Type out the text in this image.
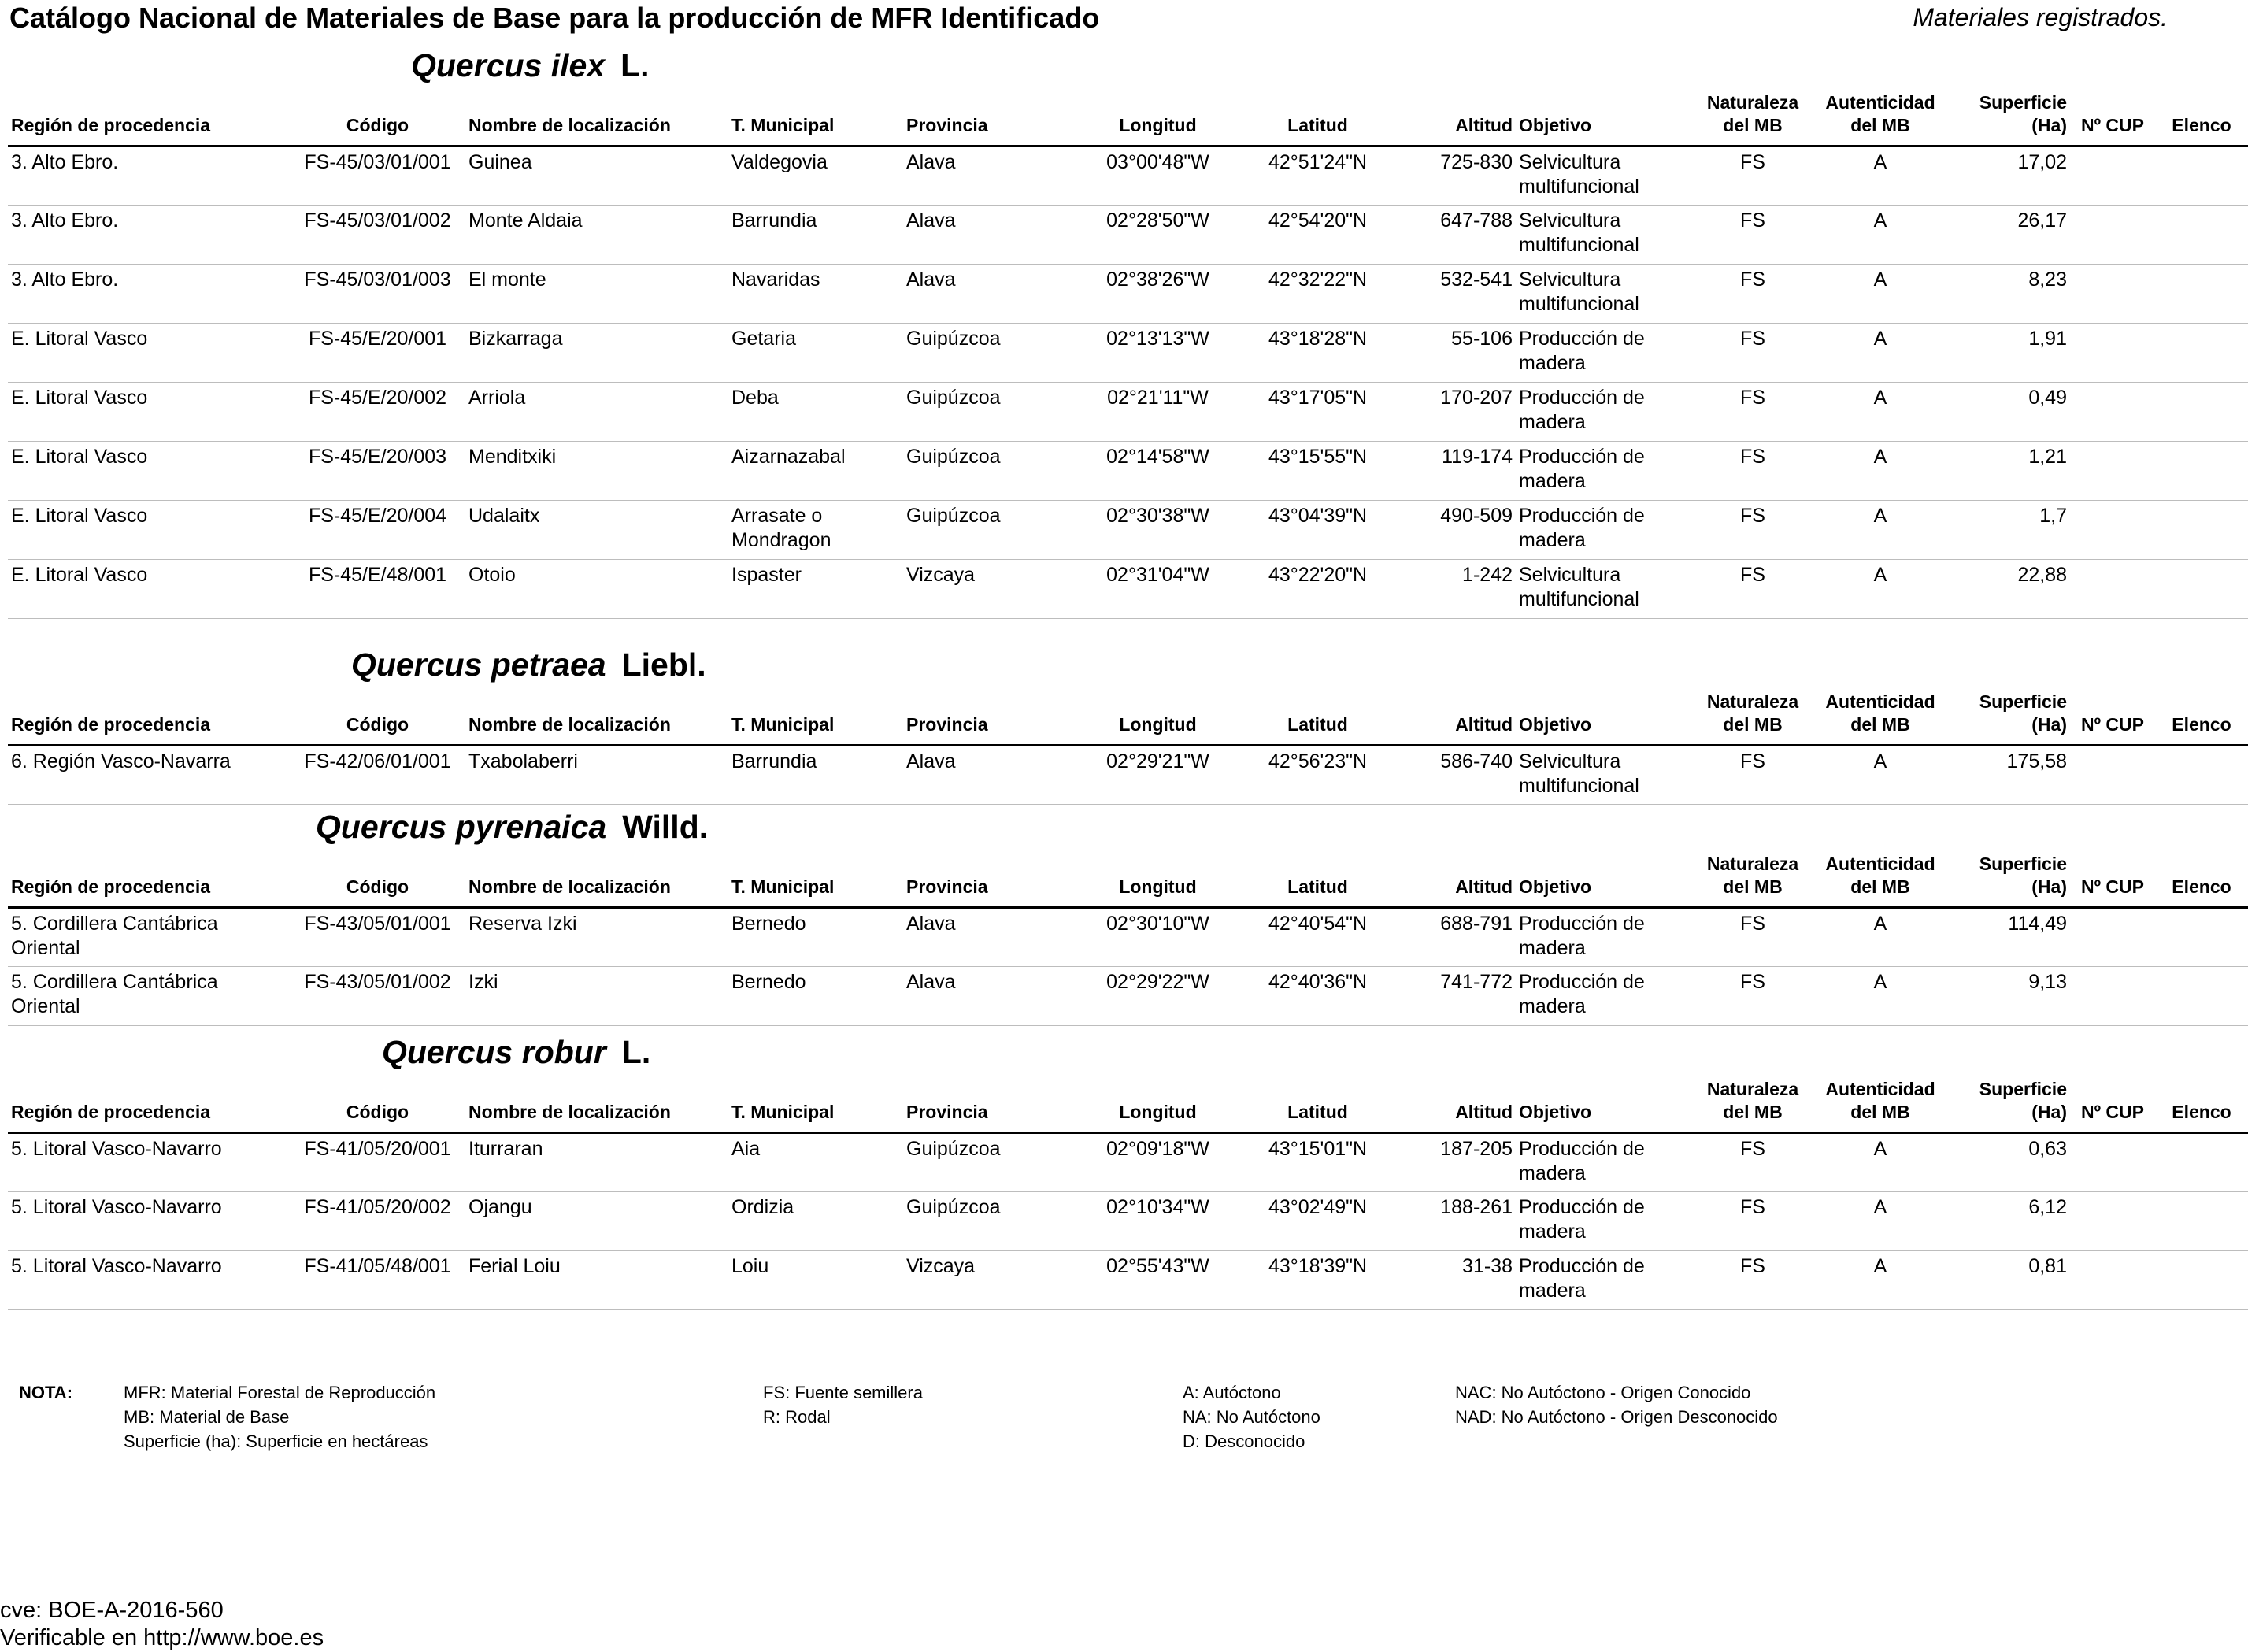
Catálogo Nacional de Materiales de Base para la producción de MFR Identificado	Materiales registrados.
Quercus ilex L.
Quercus petraea Liebl.
Quercus pyrenaica Willd.
Quercus robur L.
Región de procedencia	Código	Nombre de localización	T. Municipal	Provincia	Longitud	Latitud	Altitud	Objetivo	Naturaleza
del MB	Autenticidad
del MB	Superficie
(Ha)	Nº CUP	Elenco
3. Alto Ebro.	FS-45/03/01/001	Guinea	Valdegovia	Alava	03°00'48"W	42°51'24"N	725-830	Selvicultura
multifuncional	FS	A	17,02		
3. Alto Ebro.	FS-45/03/01/002	Monte Aldaia	Barrundia	Alava	02°28'50"W	42°54'20"N	647-788	Selvicultura
multifuncional	FS	A	26,17		
3. Alto Ebro.	FS-45/03/01/003	El monte	Navaridas	Alava	02°38'26"W	42°32'22"N	532-541	Selvicultura
multifuncional	FS	A	8,23		
E. Litoral Vasco	FS-45/E/20/001	Bizkarraga	Getaria	Guipúzcoa	02°13'13"W	43°18'28"N	55-106	Producción de
madera	FS	A	1,91		
E. Litoral Vasco	FS-45/E/20/002	Arriola	Deba	Guipúzcoa	02°21'11"W	43°17'05"N	170-207	Producción de
madera	FS	A	0,49		
E. Litoral Vasco	FS-45/E/20/003	Menditxiki	Aizarnazabal	Guipúzcoa	02°14'58"W	43°15'55"N	119-174	Producción de
madera	FS	A	1,21		
E. Litoral Vasco	FS-45/E/20/004	Udalaitx	Arrasate o
Mondragon	Guipúzcoa	02°30'38"W	43°04'39"N	490-509	Producción de
madera	FS	A	1,7		
E. Litoral Vasco	FS-45/E/48/001	Otoio	Ispaster	Vizcaya	02°31'04"W	43°22'20"N	1-242	Selvicultura
multifuncional	FS	A	22,88		
Región de procedencia	Código	Nombre de localización	T. Municipal	Provincia	Longitud	Latitud	Altitud	Objetivo	Naturaleza
del MB	Autenticidad
del MB	Superficie
(Ha)	Nº CUP	Elenco
6. Región Vasco-Navarra	FS-42/06/01/001	Txabolaberri	Barrundia	Alava	02°29'21"W	42°56'23"N	586-740	Selvicultura
multifuncional	FS	A	175,58		
Región de procedencia	Código	Nombre de localización	T. Municipal	Provincia	Longitud	Latitud	Altitud	Objetivo	Naturaleza
del MB	Autenticidad
del MB	Superficie
(Ha)	Nº CUP	Elenco
5. Cordillera Cantábrica
Oriental	FS-43/05/01/001	Reserva Izki	Bernedo	Alava	02°30'10"W	42°40'54"N	688-791	Producción de
madera	FS	A	114,49		
5. Cordillera Cantábrica
Oriental	FS-43/05/01/002	Izki	Bernedo	Alava	02°29'22"W	42°40'36"N	741-772	Producción de
madera	FS	A	9,13		
Región de procedencia	Código	Nombre de localización	T. Municipal	Provincia	Longitud	Latitud	Altitud	Objetivo	Naturaleza
del MB	Autenticidad
del MB	Superficie
(Ha)	Nº CUP	Elenco
5. Litoral Vasco-Navarro	FS-41/05/20/001	Iturraran	Aia	Guipúzcoa	02°09'18"W	43°15'01"N	187-205	Producción de
madera	FS	A	0,63		
5. Litoral Vasco-Navarro	FS-41/05/20/002	Ojangu	Ordizia	Guipúzcoa	02°10'34"W	43°02'49"N	188-261	Producción de
madera	FS	A	6,12		
5. Litoral Vasco-Navarro	FS-41/05/48/001	Ferial Loiu	Loiu	Vizcaya	02°55'43"W	43°18'39"N	31-38	Producción de
madera	FS	A	0,81		
NOTA:	MFR: Material Forestal de Reproducción
MB: Material de Base
Superficie (ha): Superficie en hectáreas
FS: Fuente semillera
R: Rodal
A: Autóctono
NA: No Autóctono
D: Desconocido
NAC: No Autóctono - Origen Conocido
NAD: No Autóctono - Origen Desconocido
cve: BOE-A-2016-560
Verificable en http://www.boe.es
